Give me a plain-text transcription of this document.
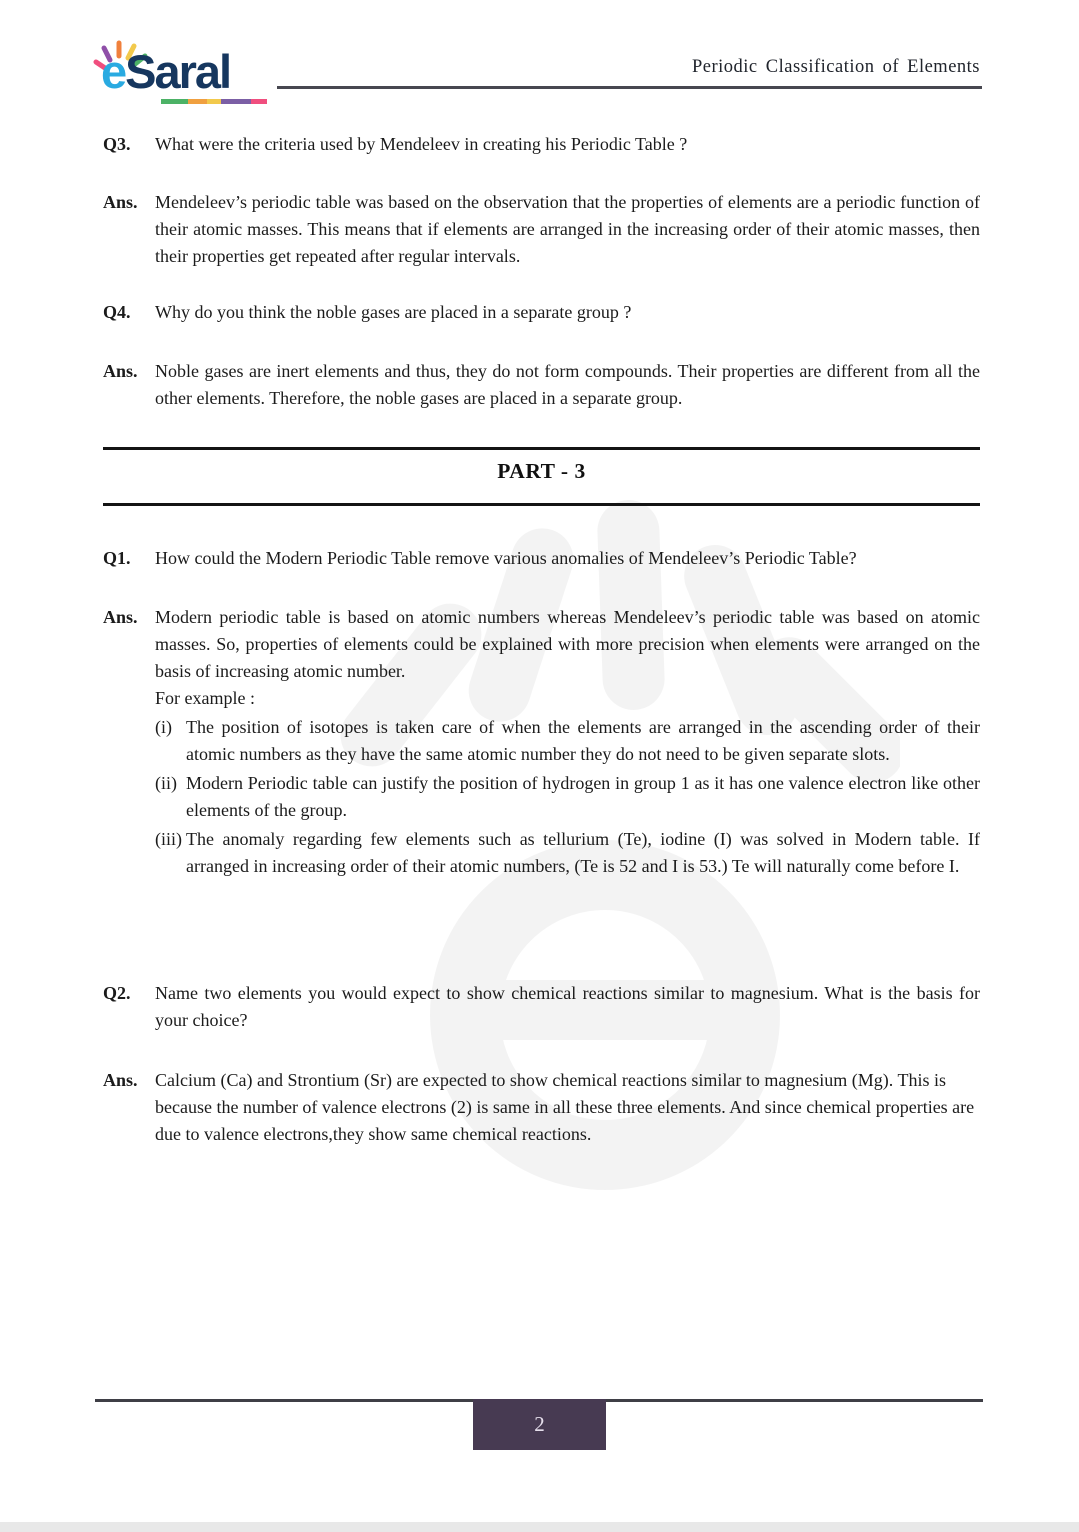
eSaral	Periodic Classification of Elements
Q3. What were the criteria used by Mendeleev in creating his Periodic Table ?
Ans. Mendeleev’s periodic table was based on the observation that the properties of elements are a periodic function of their atomic masses. This means that if elements are arranged in the increasing order of their atomic masses, then their properties get repeated after regular intervals.
Q4. Why do you think the noble gases are placed in a separate group ?
Ans. Noble gases are inert elements and thus, they do not form compounds. Their properties are different from all the other elements. Therefore, the noble gases are placed in a separate group.
PART - 3
Q1. How could the Modern Periodic Table remove various anomalies of Mendeleev’s Periodic Table?
Ans. Modern periodic table is based on atomic numbers whereas Mendeleev’s periodic table was based on atomic masses. So, properties of elements could be explained with more precision when elements were arranged on the basis of increasing atomic number.
For example :
(i) The position of isotopes is taken care of when the elements are arranged in the ascending order of their atomic numbers as they have the same atomic number they do not need to be given separate slots.
(ii) Modern Periodic table can justify the position of hydrogen in group 1 as it has one valence electron like other elements of the group.
(iii) The anomaly regarding few elements such as tellurium (Te), iodine (I) was solved in Modern table. If arranged in increasing order of their atomic numbers, (Te is 52 and I is 53.) Te will naturally come before I.
Q2. Name two elements you would expect to show chemical reactions similar to magnesium. What is the basis for your choice?
Ans. Calcium (Ca) and Strontium (Sr) are expected to show chemical reactions similar to magnesium (Mg). This is because the number of valence electrons (2) is same in all these three elements. And since chemical properties are due to valence electrons,they show same chemical reactions.
2
